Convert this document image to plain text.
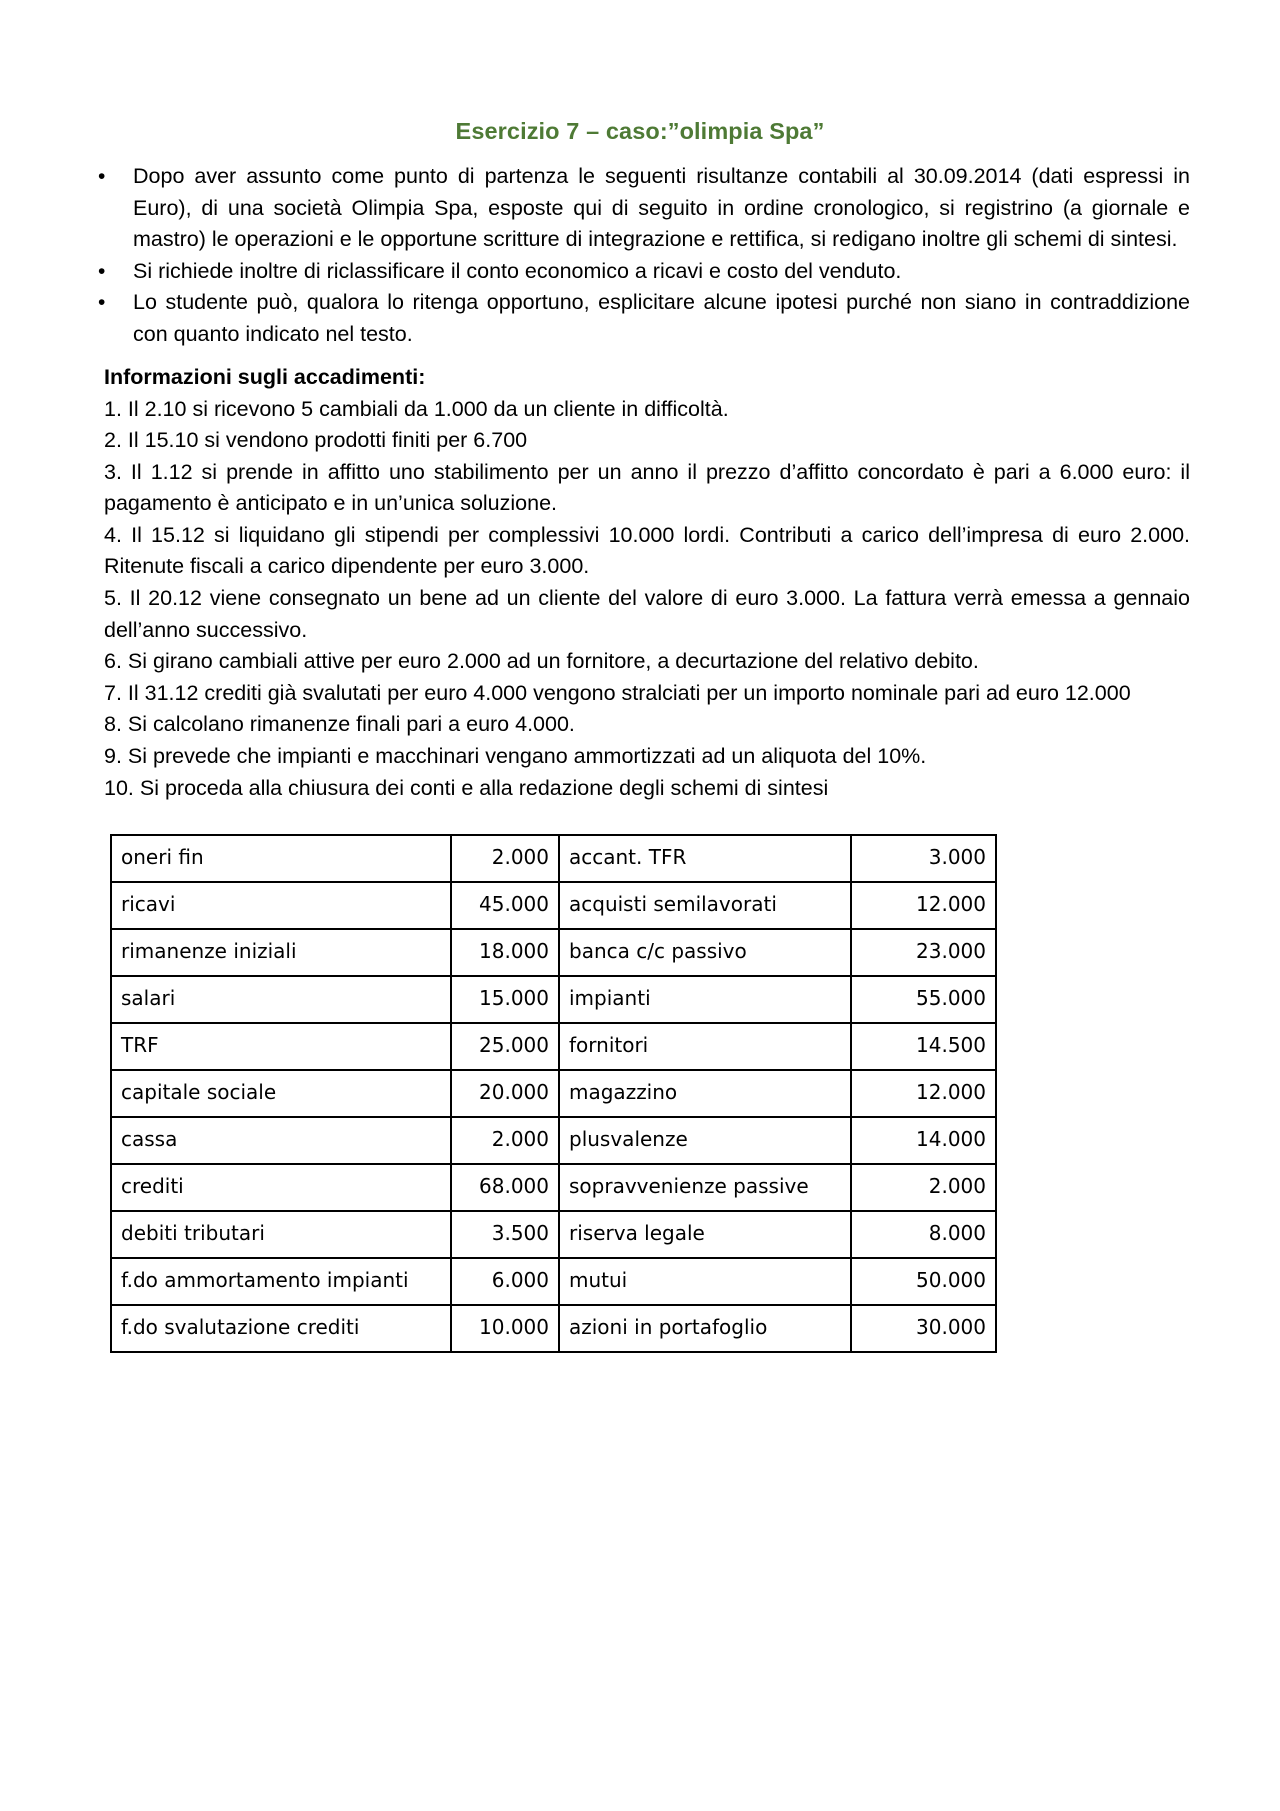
Esercizio 7 – caso:”olimpia Spa”
• Dopo aver assunto come punto di partenza le seguenti risultanze contabili al 30.09.2014 (dati espressi in Euro), di una società Olimpia Spa, esposte qui di seguito in ordine cronologico, si registrino (a giornale e mastro) le operazioni e le opportune scritture di integrazione e rettifica, si redigano inoltre gli schemi di sintesi.
• Si richiede inoltre di riclassificare il conto economico a ricavi e costo del venduto.
• Lo studente può, qualora lo ritenga opportuno, esplicitare alcune ipotesi purché non siano in contraddizione con quanto indicato nel testo.
Informazioni sugli accadimenti:
1. Il 2.10 si ricevono 5 cambiali da 1.000 da un cliente in difficoltà.
2. Il 15.10 si vendono prodotti finiti per 6.700
3. Il 1.12 si prende in affitto uno stabilimento per un anno il prezzo d’affitto concordato è pari a 6.000 euro: il pagamento è anticipato e in un’unica soluzione.
4. Il 15.12 si liquidano gli stipendi per complessivi 10.000 lordi. Contributi a carico dell’impresa di euro 2.000. Ritenute fiscali a carico dipendente per euro 3.000.
5. Il 20.12 viene consegnato un bene ad un cliente del valore di euro 3.000. La fattura verrà emessa a gennaio dell’anno successivo.
6. Si girano cambiali attive per euro 2.000 ad un fornitore, a decurtazione del relativo debito.
7. Il 31.12 crediti già svalutati per euro 4.000 vengono stralciati per un importo nominale pari ad euro 12.000
8. Si calcolano rimanenze finali pari a euro 4.000.
9. Si prevede che impianti e macchinari vengano ammortizzati ad un aliquota del 10%.
10. Si proceda alla chiusura dei conti e alla redazione degli schemi di sintesi
oneri fin	2.000	accant. TFR	3.000
ricavi	45.000	acquisti semilavorati	12.000
rimanenze iniziali	18.000	banca c/c passivo	23.000
salari	15.000	impianti	55.000
TRF	25.000	fornitori	14.500
capitale sociale	20.000	magazzino	12.000
cassa	2.000	plusvalenze	14.000
crediti	68.000	sopravvenienze passive	2.000
debiti tributari	3.500	riserva legale	8.000
f.do ammortamento impianti	6.000	mutui	50.000
f.do svalutazione crediti	10.000	azioni in portafoglio	30.000
